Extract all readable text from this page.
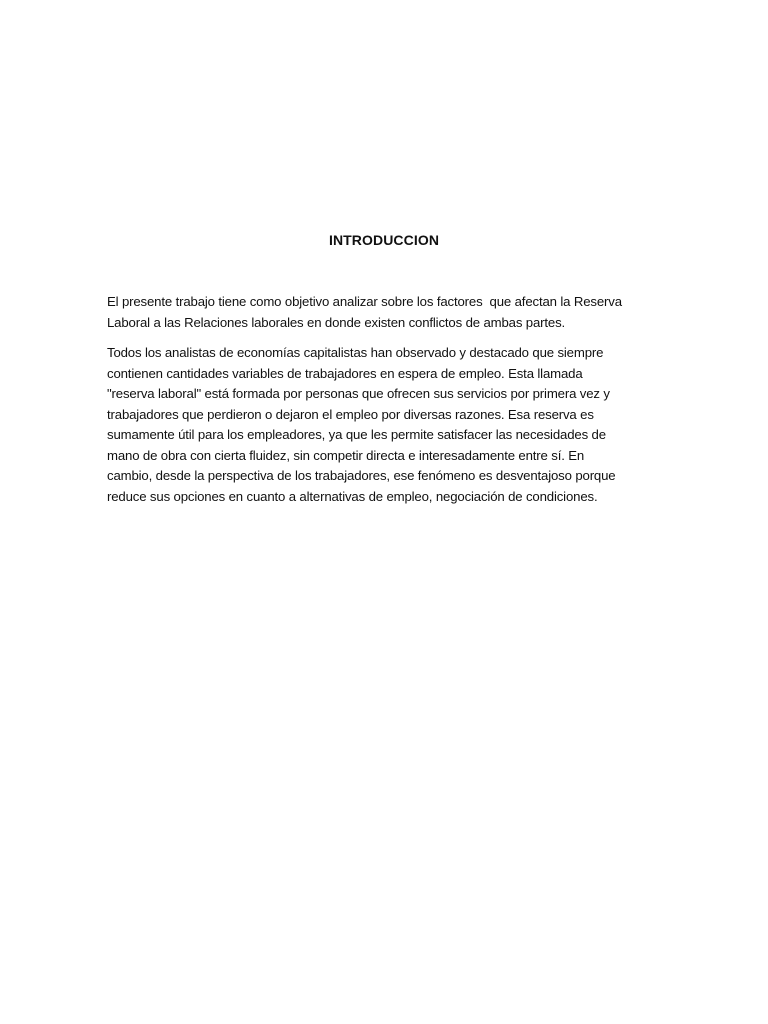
INTRODUCCION

El presente trabajo tiene como objetivo analizar sobre los factores  que afectan la Reserva
Laboral a las Relaciones laborales en donde existen conflictos de ambas partes.

Todos los analistas de economías capitalistas han observado y destacado que siempre
contienen cantidades variables de trabajadores en espera de empleo. Esta llamada
"reserva laboral" está formada por personas que ofrecen sus servicios por primera vez y
trabajadores que perdieron o dejaron el empleo por diversas razones. Esa reserva es
sumamente útil para los empleadores, ya que les permite satisfacer las necesidades de
mano de obra con cierta fluidez, sin competir directa e interesadamente entre sí. En
cambio, desde la perspectiva de los trabajadores, ese fenómeno es desventajoso porque
reduce sus opciones en cuanto a alternativas de empleo, negociación de condiciones.
